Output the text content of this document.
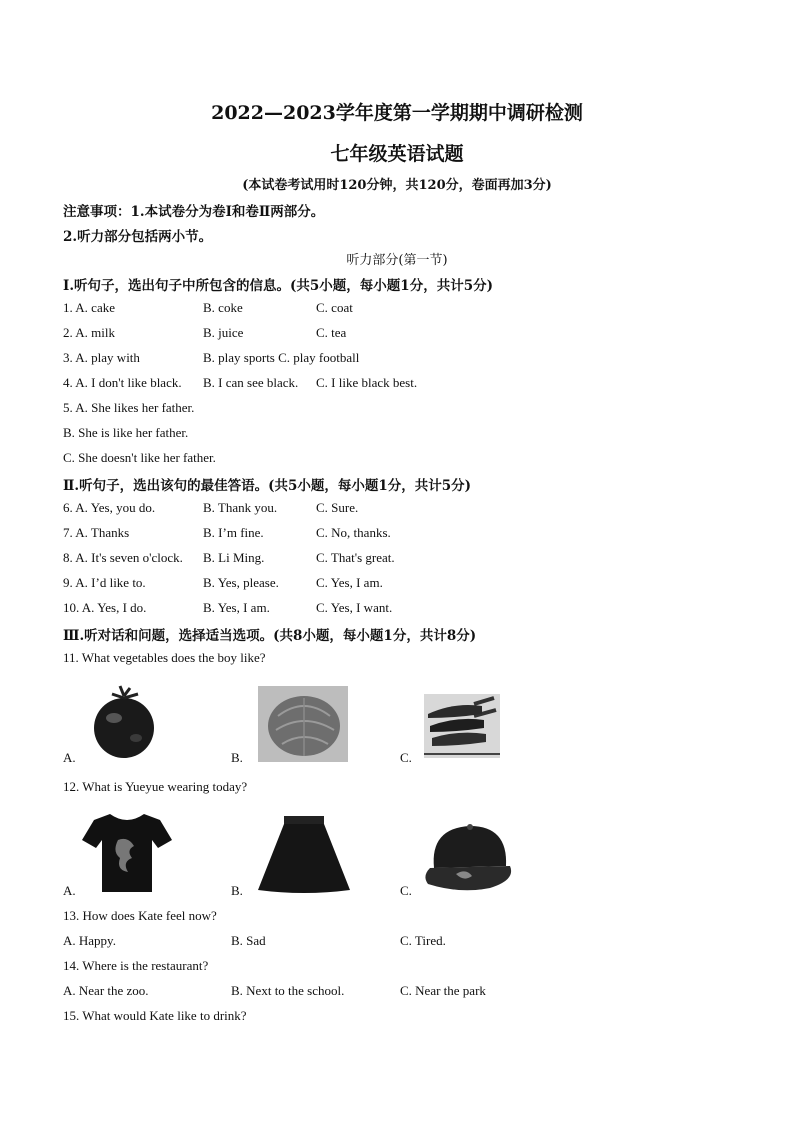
2022—2023学年度第一学期期中调研检测
七年级英语试题
(本试卷考试用时120分钟，共120分，卷面再加3分)
注意事项：1.本试卷分为卷Ⅰ和卷Ⅱ两部分。
2.听力部分包括两小节。
听力部分(第一节)
Ⅰ.听句子，选出句子中所包含的信息。(共5小题，每小题1分，共计5分)
1. A. cake	B. coke	C. coat
2. A. milk	B. juice	C. tea
3. A. play with	B. play sports C. play football
4. A. I don't like black. B. I can see black. C. I like black best.
5. A. She likes her father.
B. She is like her father.
C. She doesn't like her father.
Ⅱ.听句子，选出该句的最佳答语。(共5小题，每小题1分，共计5分)
6. A. Yes, you do.	B. Thank you.	C. Sure.
7. A. Thanks	B. I’m fine.	C. No, thanks.
8. A. It's seven o'clock. B. Li Ming.	C. That's great.
9. A. I’d like to.	B. Yes, please.	C. Yes, I am.
10. A. Yes, I do.	B. Yes, I am.	C. Yes, I want.
Ⅲ.听对话和问题，选择适当选项。(共8小题，每小题1分，共计8分)
11. What vegetables does the boy like?
A.	B.	C.
12. What is Yueyue wearing today?
A.	B.	C.
13. How does Kate feel now?
A. Happy.	B. Sad	C. Tired.
14. Where is the restaurant?
A. Near the zoo.	B. Next to the school.	C. Near the park
15. What would Kate like to drink?
